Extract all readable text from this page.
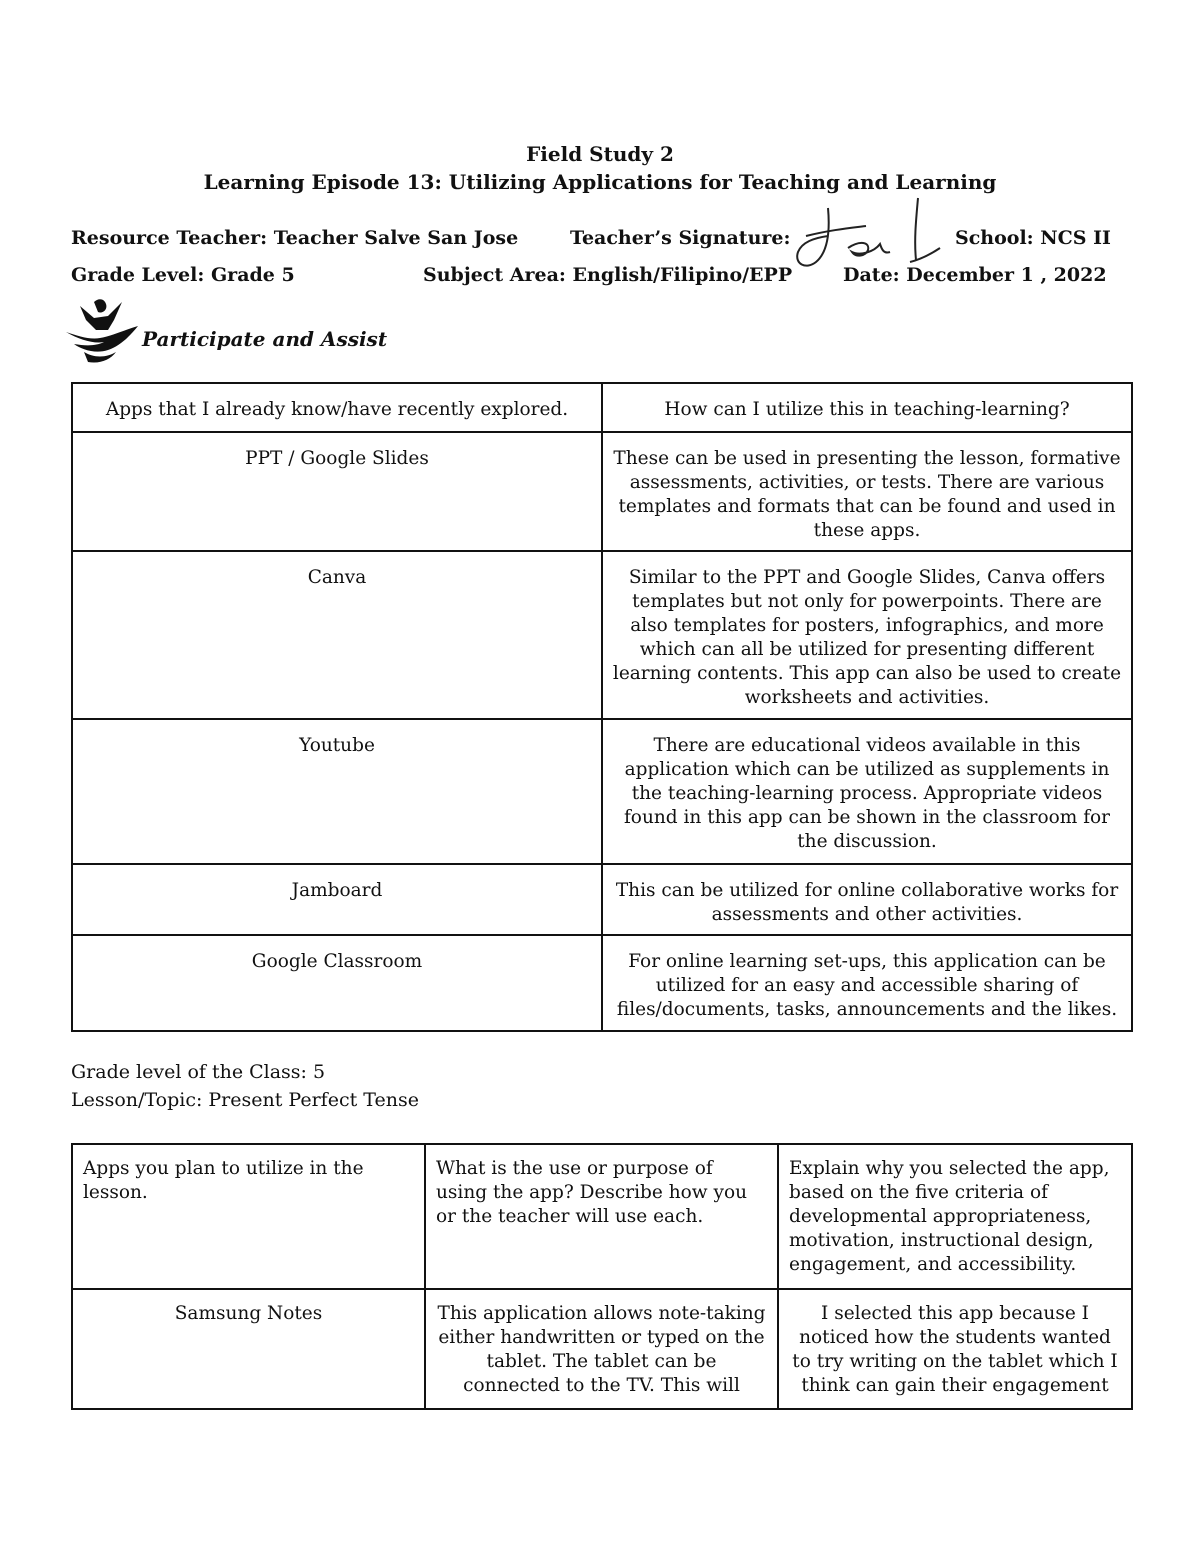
Field Study 2
Learning Episode 13: Utilizing Applications for Teaching and Learning
Resource Teacher: Teacher Salve San Jose	Teacher’s Signature:	School: NCS II
Grade Level: Grade 5	Subject Area: English/Filipino/EPP	Date: December 1 , 2022
Participate and Assist
Apps that I already know/have recently explored.	How can I utilize this in teaching-learning?
PPT / Google Slides	These can be used in presenting the lesson, formative assessments, activities, or tests. There are various templates and formats that can be found and used in these apps.
Canva	Similar to the PPT and Google Slides, Canva offers templates but not only for powerpoints. There are also templates for posters, infographics, and more which can all be utilized for presenting different learning contents. This app can also be used to create worksheets and activities.
Youtube	There are educational videos available in this application which can be utilized as supplements in the teaching-learning process. Appropriate videos found in this app can be shown in the classroom for the discussion.
Jamboard	This can be utilized for online collaborative works for assessments and other activities.
Google Classroom	For online learning set-ups, this application can be utilized for an easy and accessible sharing of files/documents, tasks, announcements and the likes.
Grade level of the Class: 5
Lesson/Topic: Present Perfect Tense
Apps you plan to utilize in the lesson.	What is the use or purpose of using the app? Describe how you or the teacher will use each.	Explain why you selected the app, based on the five criteria of developmental appropriateness, motivation, instructional design, engagement, and accessibility.
Samsung Notes	This application allows note-taking either handwritten or typed on the tablet. The tablet can be connected to the TV. This will	I selected this app because I noticed how the students wanted to try writing on the tablet which I think can gain their engagement
